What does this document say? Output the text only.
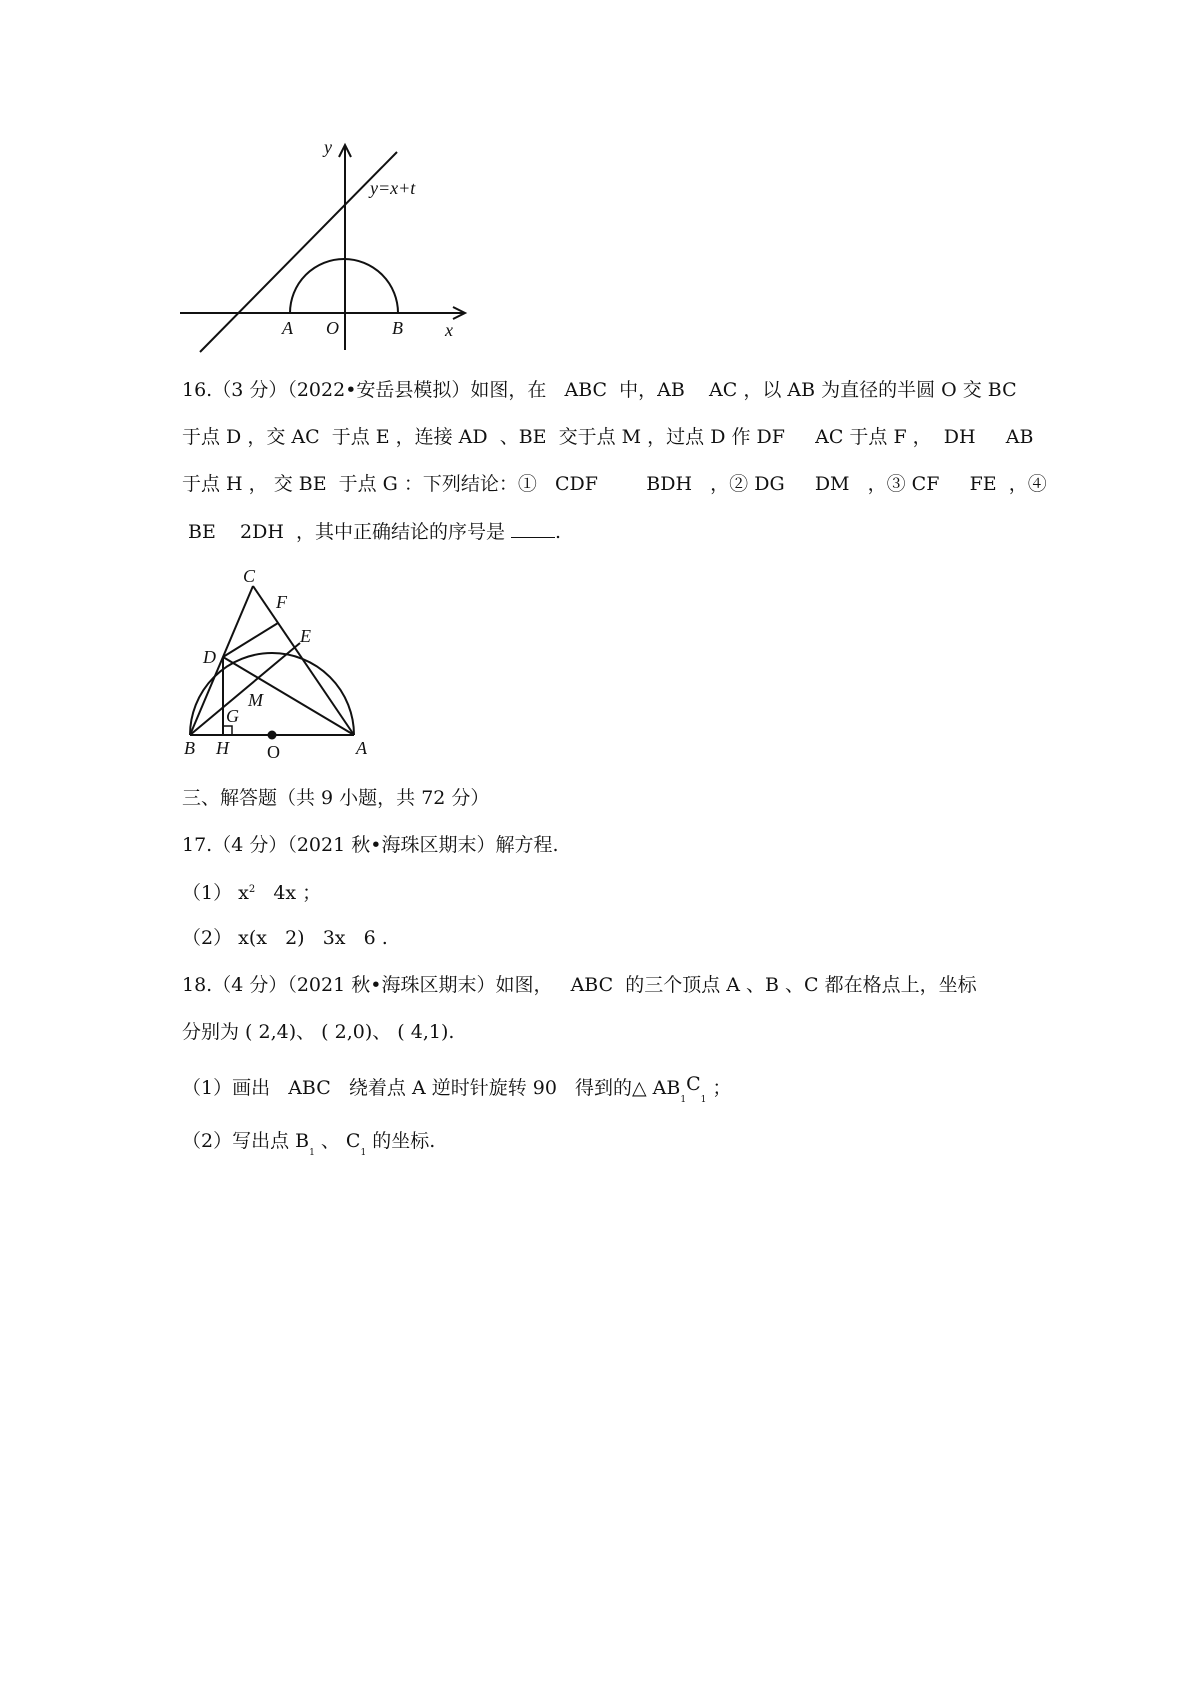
y
y=x+t
A O	B x
16.（3 分）（2022•安岳县模拟）如图，在   ABC  中，AB    AC ，以 AB 为直径的半圆 O 交 BC
于点 D ，交 AC  于点 E ，连接 AD  、BE  交于点 M ，过点 D 作 DF     AC 于点 F ，  DH     AB
于点 H ， 交 BE  于点 G ：下列结论：①   CDF        BDH   ，② DG     DM   ，③ CF     FE  ，④
BE    2DH  ，其中正确结论的序号是 .
C
F
E
D
M
G
B H O	A
三、解答题（共 9 小题，共 72 分）
17.（4 分）（2021 秋•海珠区期末）解方程.
（1） $x^2$   4x ；
（2） x(x   2)   3x   6 .
18.（4 分）（2021 秋•海珠区期末）如图，   ABC  的三个顶点 A 、B 、C 都在格点上，坐标
分别为 ( 2,4)、 ( 2,0)、 ( 4,1).
（1）画出   ABC   绕着点 A 逆时针旋转 90   得到的△ $AB_1C_1$ ；
（2）写出点 $B_1$ 、 $C_1$ 的坐标.
